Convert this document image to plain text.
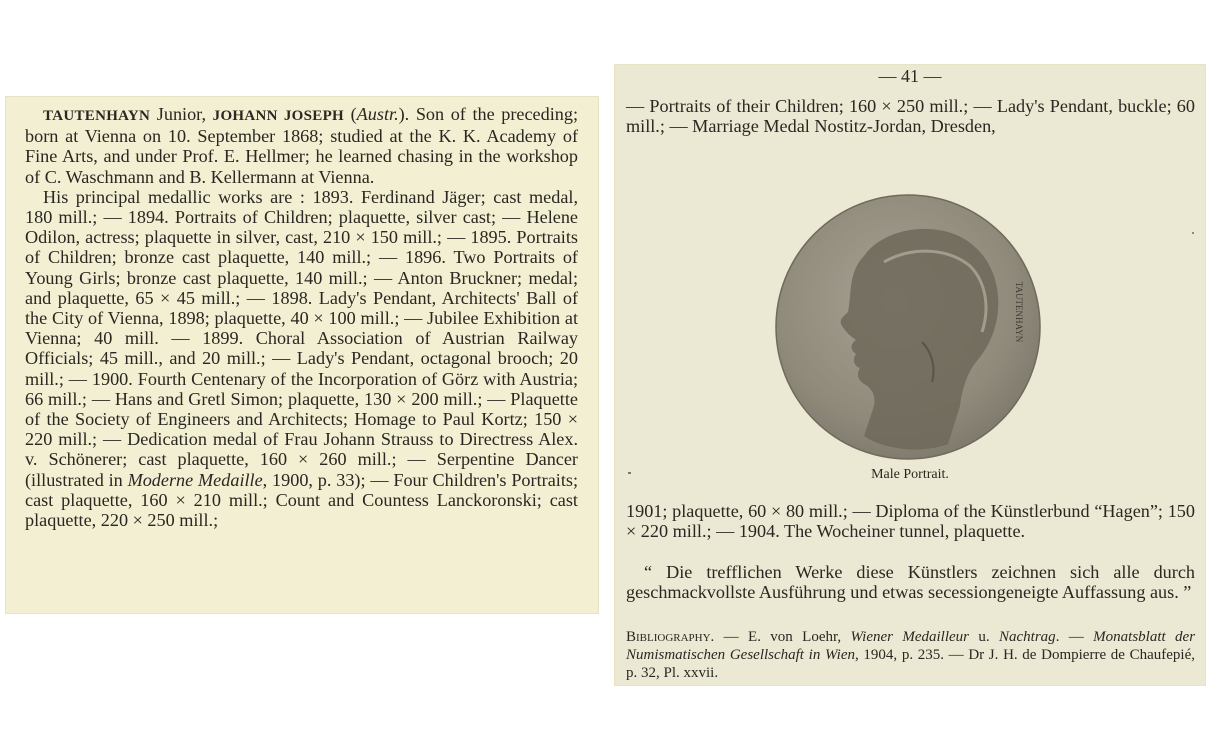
TAUTENHAYN Junior, JOHANN JOSEPH (Austr.). Son of the preceding; born at Vienna on 10. September 1868; studied at the K. K. Academy of Fine Arts, and under Prof. E. Hellmer; he learned chasing in the workshop of C. Waschmann and B. Kellermann at Vienna.
His principal medallic works are : 1893. Ferdinand Jäger; cast medal, 180 mill.; — 1894. Portraits of Children; plaquette, silver cast; — Helene Odilon, actress; plaquette in silver, cast, 210 × 150 mill.; — 1895. Portraits of Children; bronze cast plaquette, 140 mill.; — 1896. Two Portraits of Young Girls; bronze cast plaquette, 140 mill.; — Anton Bruckner; medal; and plaquette, 65 × 45 mill.; — 1898. Lady's Pendant, Architects' Ball of the City of Vienna, 1898; plaquette, 40 × 100 mill.; — Jubilee Exhibition at Vienna; 40 mill. — 1899. Choral Association of Austrian Railway Officials; 45 mill., and 20 mill.; — Lady's Pendant, octagonal brooch; 20 mill.; — 1900. Fourth Centenary of the Incorporation of Görz with Austria; 66 mill.; — Hans and Gretl Simon; plaquette, 130 × 200 mill.; — Plaquette of the Society of Engineers and Architects; Homage to Paul Kortz; 150 × 220 mill.; — Dedication medal of Frau Johann Strauss to Directress Alex. v. Schönerer; cast plaquette, 160 × 260 mill.; — Serpentine Dancer (illustrated in Moderne Medaille, 1900, p. 33); — Four Children's Portraits; cast plaquette, 160 × 210 mill.; Count and Countess Lanckoronski; cast plaquette, 220 × 250 mill.;

— 41 —

— Portraits of their Children; 160 × 250 mill.; — Lady's Pendant, buckle; 60 mill.; — Marriage Medal Nostitz-Jordan, Dresden,

TAUTENHAYN
Male Portrait.

1901; plaquette, 60 × 80 mill.; — Diploma of the Künstlerbund “Hagen”; 150 × 220 mill.; — 1904. The Wocheiner tunnel, plaquette.

“ Die trefflichen Werke diese Künstlers zeichnen sich alle durch geschmackvollste Ausführung und etwas secessiongeneigte Auffassung aus. ”

Bibliography. — E. von Loehr, Wiener Medailleur u. Nachtrag. — Monatsblatt der Numismatischen Gesellschaft in Wien, 1904, p. 235. — Dr J. H. de Dompierre de Chaufepié, p. 32, Pl. xxvii.
